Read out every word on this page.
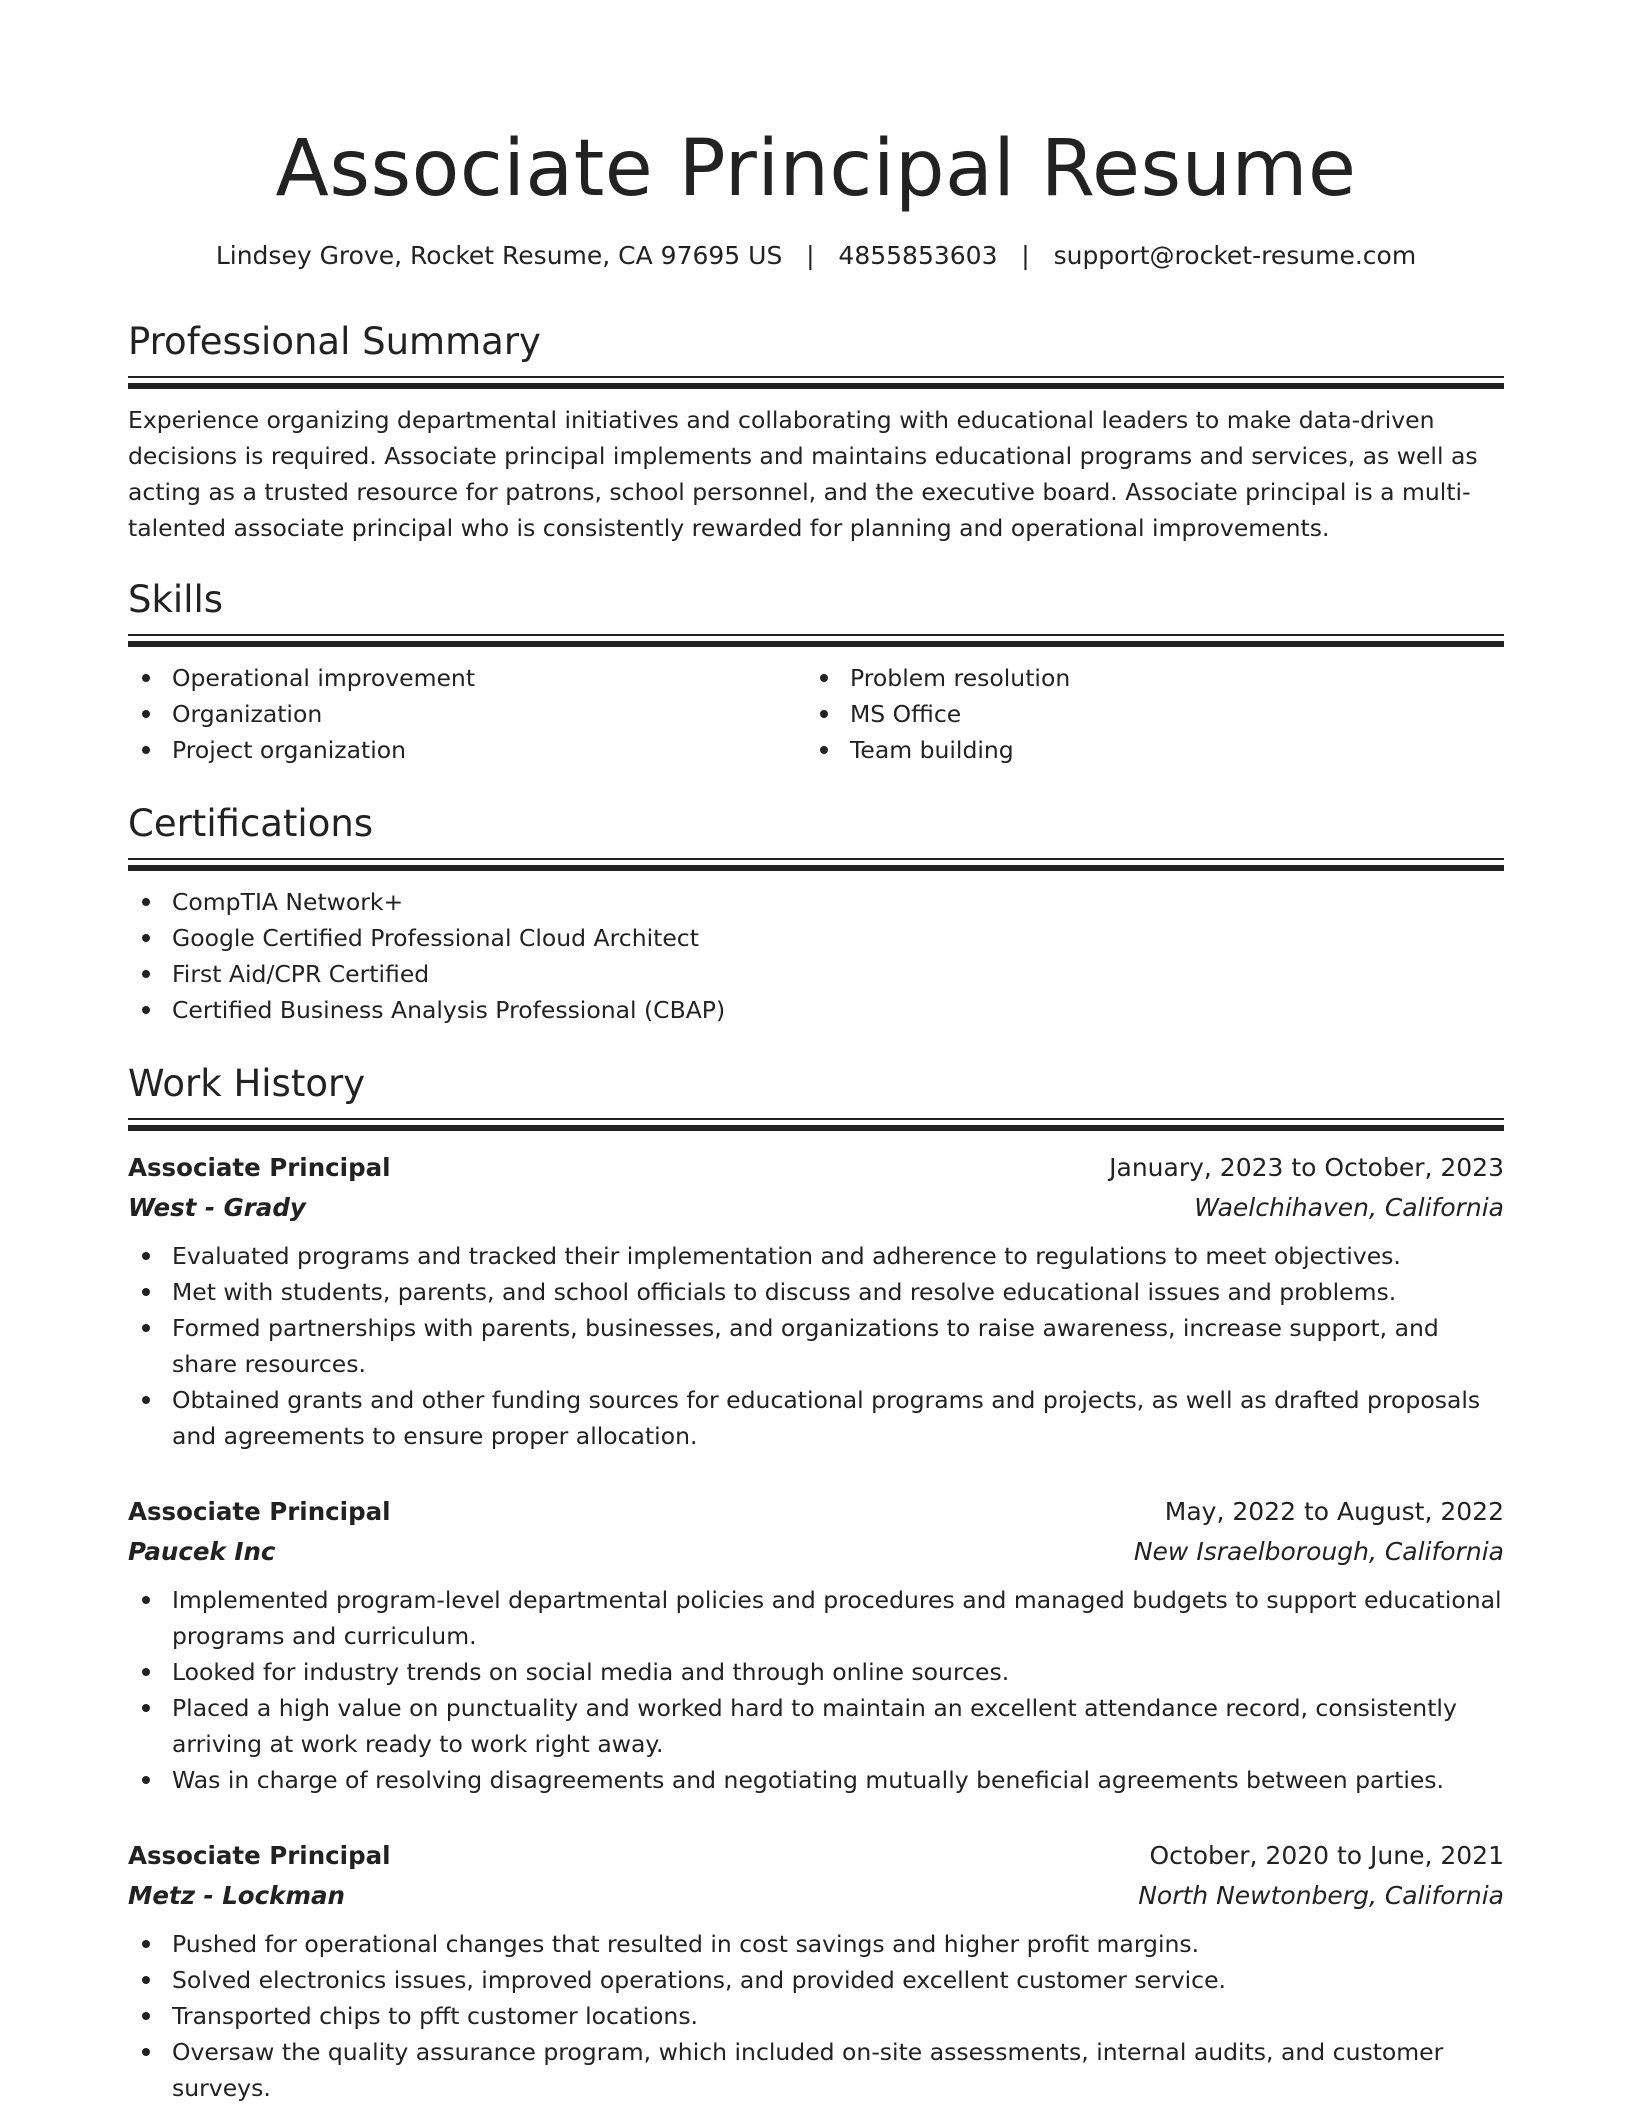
Associate Principal Resume
Lindsey Grove, Rocket Resume, CA 97695 US   |   4855853603   |   support@rocket-resume.com
Professional Summary
Experience organizing departmental initiatives and collaborating with educational leaders to make data-driven decisions is required. Associate principal implements and maintains educational programs and services, as well as acting as a trusted resource for patrons, school personnel, and the executive board. Associate principal is a multi-talented associate principal who is consistently rewarded for planning and operational improvements.
Skills
Operational improvement
Organization
Project organization
Problem resolution
MS Office
Team building
Certifications
CompTIA Network+
Google Certified Professional Cloud Architect
First Aid/CPR Certified
Certified Business Analysis Professional (CBAP)
Work History
Associate Principal	January, 2023 to October, 2023
West - Grady	Waelchihaven, California
Evaluated programs and tracked their implementation and adherence to regulations to meet objectives.
Met with students, parents, and school officials to discuss and resolve educational issues and problems.
Formed partnerships with parents, businesses, and organizations to raise awareness, increase support, and share resources.
Obtained grants and other funding sources for educational programs and projects, as well as drafted proposals and agreements to ensure proper allocation.
Associate Principal	May, 2022 to August, 2022
Paucek Inc	New Israelborough, California
Implemented program-level departmental policies and procedures and managed budgets to support educational programs and curriculum.
Looked for industry trends on social media and through online sources.
Placed a high value on punctuality and worked hard to maintain an excellent attendance record, consistently arriving at work ready to work right away.
Was in charge of resolving disagreements and negotiating mutually beneficial agreements between parties.
Associate Principal	October, 2020 to June, 2021
Metz - Lockman	North Newtonberg, California
Pushed for operational changes that resulted in cost savings and higher profit margins.
Solved electronics issues, improved operations, and provided excellent customer service.
Transported chips to pfft customer locations.
Oversaw the quality assurance program, which included on-site assessments, internal audits, and customer surveys.
